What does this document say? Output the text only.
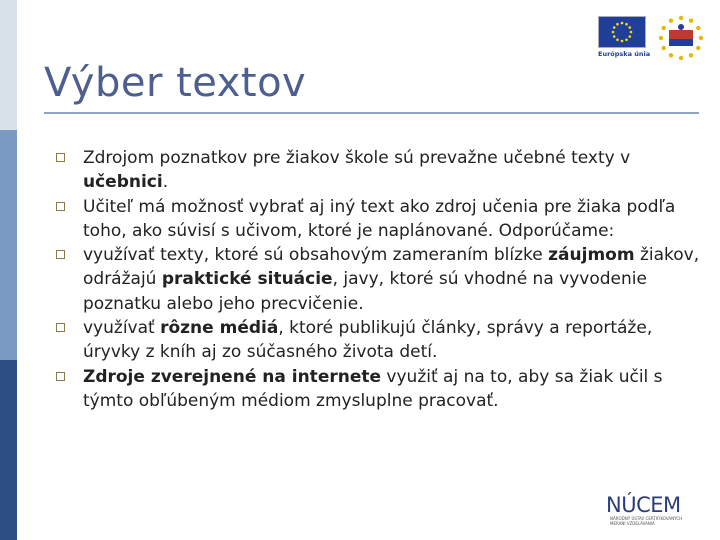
Európska únia
Výber textov
Zdrojom poznatkov pre žiakov škole sú prevažne učebné texty v učebnici.
Učiteľ má možnosť vybrať aj iný text ako zdroj učenia pre žiaka podľa toho, ako súvisí s učivom, ktoré je naplánované. Odporúčame:
využívať texty, ktoré sú obsahovým zameraním blízke záujmom žiakov, odrážajú praktické situácie, javy, ktoré sú vhodné na vyvodenie poznatku alebo jeho precvičenie.
využívať rôzne médiá, ktoré publikujú články, správy a reportáže, úryvky z kníh aj zo súčasného života detí.
Zdroje zverejnené na internete využiť aj na to, aby sa žiak učil s týmto obľúbeným médiom zmysluplne pracovať.
NÚCEM
NÁRODNÝ ÚSTAV CERTIFIKOVANÝCH
MERANÍ VZDELÁVANIA
